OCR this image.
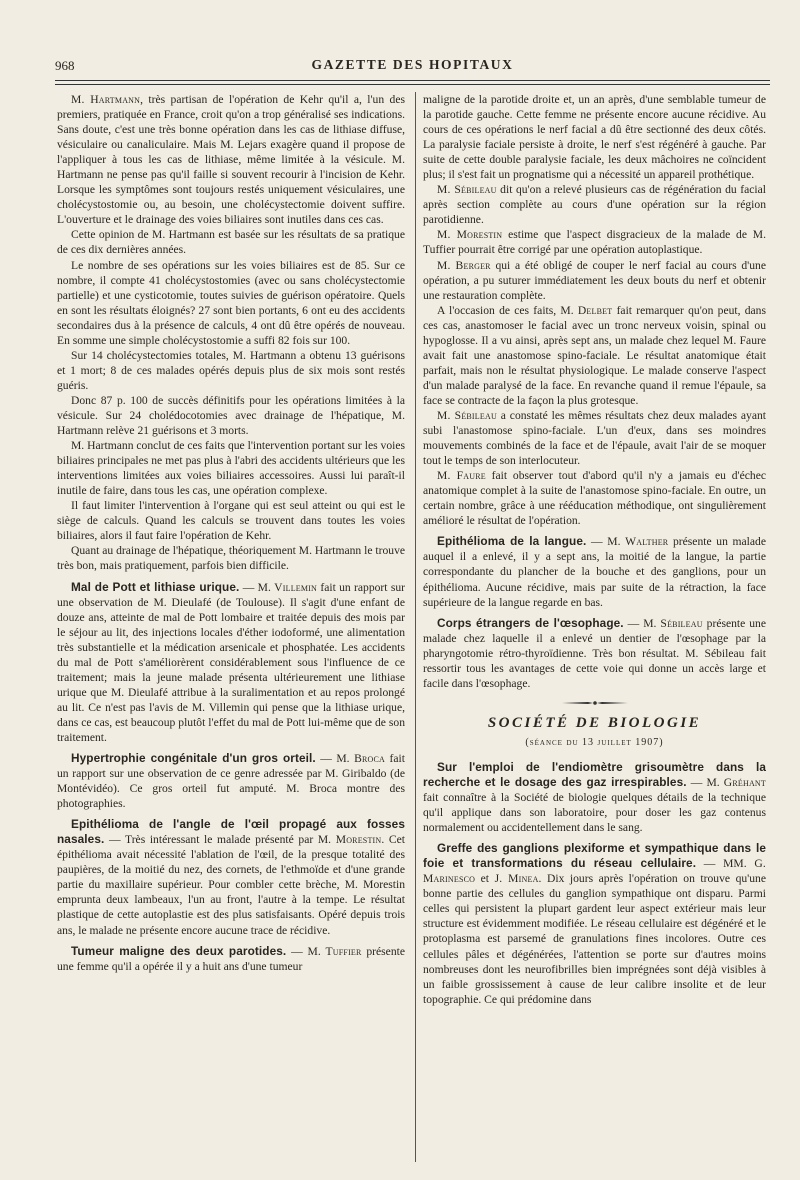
968	GAZETTE DES HOPITAUX

M. Hartmann, très partisan de l'opération de Kehr qu'il a, l'un des premiers, pratiquée en France, croit qu'on a trop généralisé ses indications. Sans doute, c'est une très bonne opération dans les cas de lithiase diffuse, vésiculaire ou canaliculaire. Mais M. Lejars exagère quand il propose de l'appliquer à tous les cas de lithiase, même limitée à la vésicule. M. Hartmann ne pense pas qu'il faille si souvent recourir à l'incision de Kehr. Lorsque les symptômes sont toujours restés uniquement vésiculaires, une cholécystostomie ou, au besoin, une cholécystectomie doivent suffire. L'ouverture et le drainage des voies biliaires sont inutiles dans ces cas.

Cette opinion de M. Hartmann est basée sur les résultats de sa pratique de ces dix dernières années.

Le nombre de ses opérations sur les voies biliaires est de 85. Sur ce nombre, il compte 41 cholécystostomies (avec ou sans cholécystectomie partielle) et une cysticotomie, toutes suivies de guérison opératoire. Quels en sont les résultats éloignés? 27 sont bien portants, 6 ont eu des accidents secondaires dus à la présence de calculs, 4 ont dû être opérés de nouveau. En somme une simple cholécystostomie a suffi 82 fois sur 100.

Sur 14 cholécystectomies totales, M. Hartmann a obtenu 13 guérisons et 1 mort; 8 de ces malades opérés depuis plus de six mois sont restés guéris.

Donc 87 p. 100 de succès définitifs pour les opérations limitées à la vésicule. Sur 24 cholédocotomies avec drainage de l'hépatique, M. Hartmann relève 21 guérisons et 3 morts.

M. Hartmann conclut de ces faits que l'intervention portant sur les voies biliaires principales ne met pas plus à l'abri des accidents ultérieurs que les interventions limitées aux voies biliaires accessoires. Aussi lui paraît-il inutile de faire, dans tous les cas, une opération complexe.

Il faut limiter l'intervention à l'organe qui est seul atteint ou qui est le siège de calculs. Quand les calculs se trouvent dans toutes les voies biliaires, alors il faut faire l'opération de Kehr.

Quant au drainage de l'hépatique, théoriquement M. Hartmann le trouve très bon, mais pratiquement, parfois bien difficile.

Mal de Pott et lithiase urique. — M. Villemin fait un rapport sur une observation de M. Dieulafé (de Toulouse). Il s'agit d'une enfant de douze ans, atteinte de mal de Pott lombaire et traitée depuis des mois par le séjour au lit, des injections locales d'éther iodoformé, une alimentation très substantielle et la médication arsenicale et phosphatée. Les accidents du mal de Pott s'améliorèrent considérablement sous l'influence de ce traitement; mais la jeune malade présenta ultérieurement une lithiase urique que M. Dieulafé attribue à la suralimentation et au repos prolongé au lit. Ce n'est pas l'avis de M. Villemin qui pense que la lithiase urique, dans ce cas, est beaucoup plutôt l'effet du mal de Pott lui-même que de son traitement.

Hypertrophie congénitale d'un gros orteil. — M. Broca fait un rapport sur une observation de ce genre adressée par M. Giribaldo (de Montévidéo). Ce gros orteil fut amputé. M. Broca montre des photographies.

Epithélioma de l'angle de l'œil propagé aux fosses nasales. — Très intéressant le malade présenté par M. Morestin. Cet épithélioma avait nécessité l'ablation de l'œil, de la presque totalité des paupières, de la moitié du nez, des cornets, de l'ethmoïde et d'une grande partie du maxillaire supérieur. Pour combler cette brèche, M. Morestin emprunta deux lambeaux, l'un au front, l'autre à la tempe. Le résultat plastique de cette autoplastie est des plus satisfaisants. Opéré depuis trois ans, le malade ne présente encore aucune trace de récidive.

Tumeur maligne des deux parotides. — M. Tuffier présente une femme qu'il a opérée il y a huit ans d'une tumeur

maligne de la parotide droite et, un an après, d'une semblable tumeur de la parotide gauche. Cette femme ne présente encore aucune récidive. Au cours de ces opérations le nerf facial a dû être sectionné des deux côtés. La paralysie faciale persiste à droite, le nerf s'est régénéré à gauche. Par suite de cette double paralysie faciale, les deux mâchoires ne coïncident plus; il s'est fait un prognatisme qui a nécessité un appareil prothétique.

M. Sébileau dit qu'on a relevé plusieurs cas de régénération du facial après section complète au cours d'une opération sur la région parotidienne.

M. Morestin estime que l'aspect disgracieux de la malade de M. Tuffier pourrait être corrigé par une opération autoplastique.

M. Berger qui a été obligé de couper le nerf facial au cours d'une opération, a pu suturer immédiatement les deux bouts du nerf et obtenir une restauration complète.

A l'occasion de ces faits, M. Delbet fait remarquer qu'on peut, dans ces cas, anastomoser le facial avec un tronc nerveux voisin, spinal ou hypoglosse. Il a vu ainsi, après sept ans, un malade chez lequel M. Faure avait fait une anastomose spino-faciale. Le résultat anatomique était parfait, mais non le résultat physiologique. Le malade conserve l'aspect d'un malade paralysé de la face. En revanche quand il remue l'épaule, sa face se contracte de la façon la plus grotesque.

M. Sébileau a constaté les mêmes résultats chez deux malades ayant subi l'anastomose spino-faciale. L'un d'eux, dans ses moindres mouvements combinés de la face et de l'épaule, avait l'air de se moquer tout le temps de son interlocuteur.

M. Faure fait observer tout d'abord qu'il n'y a jamais eu d'échec anatomique complet à la suite de l'anastomose spino-faciale. En outre, un certain nombre, grâce à une rééducation méthodique, ont singulièrement amélioré le résultat de l'opération.

Epithélioma de la langue. — M. Walther présente un malade auquel il a enlevé, il y a sept ans, la moitié de la langue, la partie correspondante du plancher de la bouche et des ganglions, pour un épithélioma. Aucune récidive, mais par suite de la rétraction, la face supérieure de la langue regarde en bas.

Corps étrangers de l'œsophage. — M. Sébileau présente une malade chez laquelle il a enlevé un dentier de l'œsophage par la pharyngotomie rétro-thyroïdienne. Très bon résultat. M. Sébileau fait ressortir tous les avantages de cette voie qui donne un accès large et facile dans l'œsophage.

SOCIÉTÉ DE BIOLOGIE
(séance du 13 juillet 1907)

Sur l'emploi de l'endiomètre grisoumètre dans la recherche et le dosage des gaz irrespirables. — M. Gréhant fait connaître à la Société de biologie quelques détails de la technique qu'il applique dans son laboratoire, pour doser les gaz contenus normalement ou accidentellement dans le sang.

Greffe des ganglions plexiforme et sympathique dans le foie et transformations du réseau cellulaire. — MM. G. Marinesco et J. Minea. Dix jours après l'opération on trouve qu'une bonne partie des cellules du ganglion sympathique ont disparu. Parmi celles qui persistent la plupart gardent leur aspect extérieur mais leur structure est évidemment modifiée. Le réseau cellulaire est dégénéré et le protoplasma est parsemé de granulations fines incolores. Outre ces cellules pâles et dégénérées, l'attention se porte sur d'autres moins nombreuses dont les neurofibrilles bien imprégnées sont déjà visibles à un faible grossissement à cause de leur calibre insolite et de leur topographie. Ce qui prédomine dans
